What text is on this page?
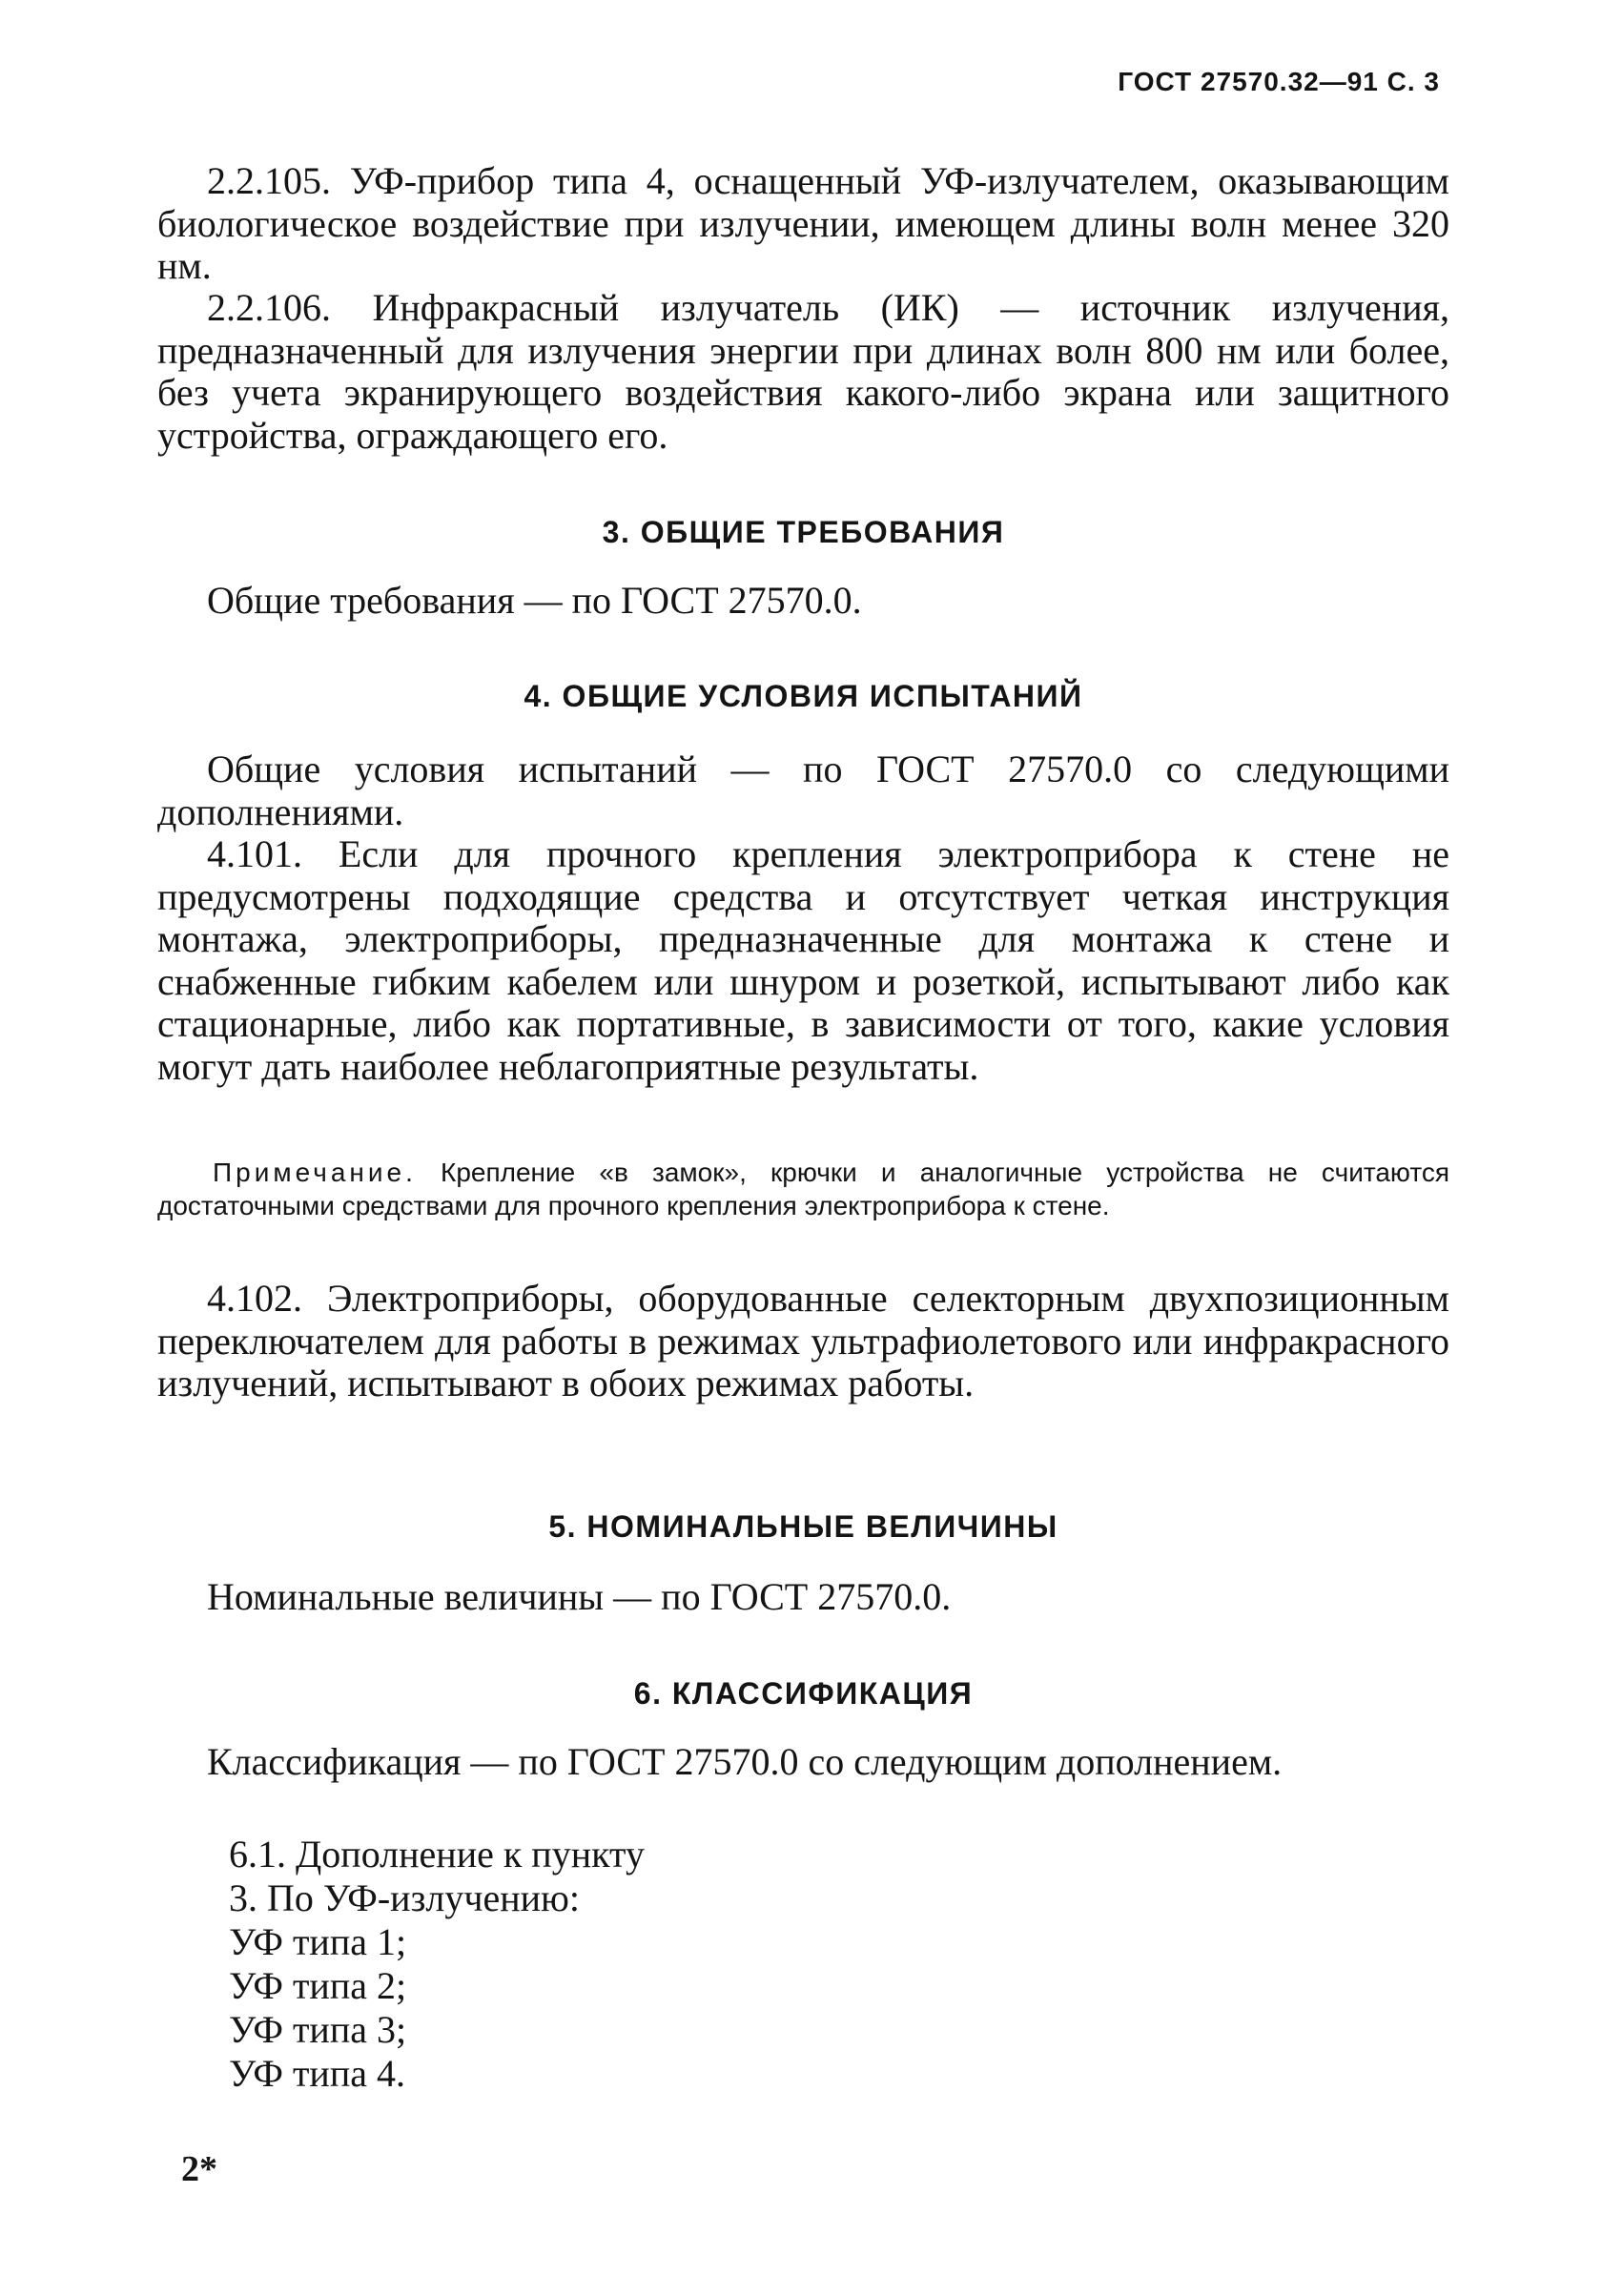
ГОСТ 27570.32—91 С. 3

2.2.105. УФ-прибор типа 4, оснащенный УФ-излучателем, оказывающим биологическое воздействие при излучении, имеющем длины волн менее 320 нм.

2.2.106. Инфракрасный излучатель (ИК) — источник излучения, предназначенный для излучения энергии при длинах волн 800 нм или более, без учета экранирующего воздействия какого-либо экрана или защитного устройства, ограждающего его.

3. ОБЩИЕ ТРЕБОВАНИЯ

Общие требования — по ГОСТ 27570.0.

4. ОБЩИЕ УСЛОВИЯ ИСПЫТАНИЙ

Общие условия испытаний — по ГОСТ 27570.0 со следующими дополнениями.

4.101. Если для прочного крепления электроприбора к стене не предусмотрены подходящие средства и отсутствует четкая инструкция монтажа, электроприборы, предназначенные для монтажа к стене и снабженные гибким кабелем или шнуром и розеткой, испытывают либо как стационарные, либо как портативные, в зависимости от того, какие условия могут дать наиболее неблагоприятные результаты.

Примечание. Крепление «в замок», крючки и аналогичные устройства не считаются достаточными средствами для прочного крепления электроприбора к стене.

4.102. Электроприборы, оборудованные селекторным двухпозиционным переключателем для работы в режимах ультрафиолетового или инфракрасного излучений, испытывают в обоих режимах работы.

5. НОМИНАЛЬНЫЕ ВЕЛИЧИНЫ

Номинальные величины — по ГОСТ 27570.0.

6. КЛАССИФИКАЦИЯ

Классификация — по ГОСТ 27570.0 со следующим дополнением.

6.1. Дополнение к пункту

3. По УФ-излучению:

УФ типа 1;

УФ типа 2;

УФ типа 3;

УФ типа 4.

2*
